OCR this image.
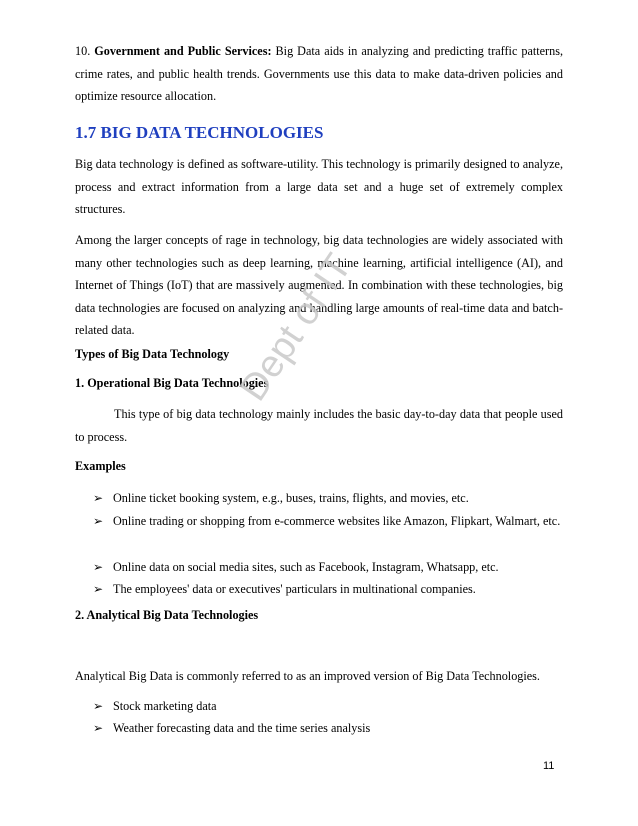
10. Government and Public Services: Big Data aids in analyzing and predicting traffic patterns, crime rates, and public health trends. Governments use this data to make data-driven policies and optimize resource allocation.

1.7 BIG DATA TECHNOLOGIES

Big data technology is defined as software-utility. This technology is primarily designed to analyze, process and extract information from a large data set and a huge set of extremely complex structures.

Among the larger concepts of rage in technology, big data technologies are widely associated with many other technologies such as deep learning, machine learning, artificial intelligence (AI), and Internet of Things (IoT) that are massively augmented. In combination with these technologies, big data technologies are focused on analyzing and handling large amounts of real-time data and batch-related data.

Types of Big Data Technology

1. Operational Big Data Technologies

This type of big data technology mainly includes the basic day-to-day data that people used to process.

Examples

➢ Online ticket booking system, e.g., buses, trains, flights, and movies, etc.
➢ Online trading or shopping from e-commerce websites like Amazon, Flipkart, Walmart, etc.
➢ Online data on social media sites, such as Facebook, Instagram, Whatsapp, etc.
➢ The employees' data or executives' particulars in multinational companies.

2. Analytical Big Data Technologies

Analytical Big Data is commonly referred to as an improved version of Big Data Technologies.

➢ Stock marketing data
➢ Weather forecasting data and the time series analysis
Dept of IT
11
